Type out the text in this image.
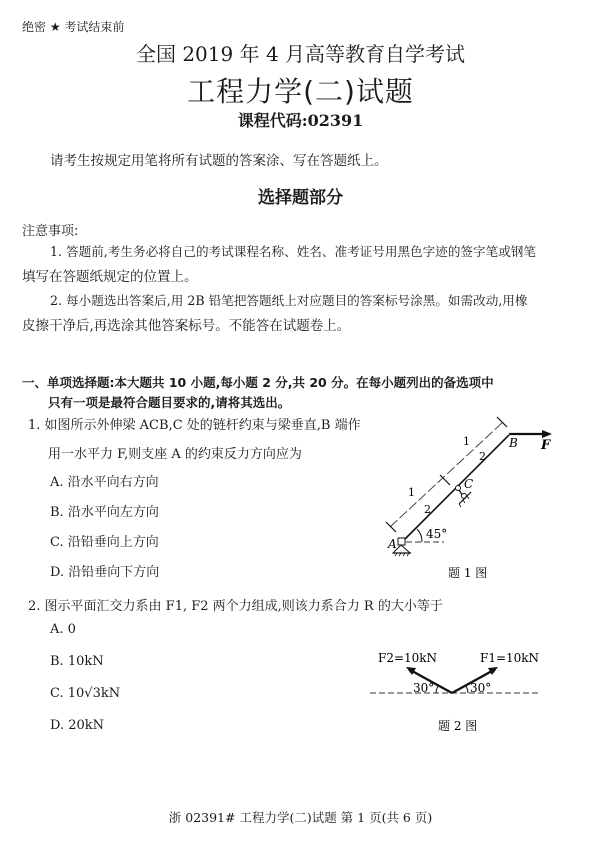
绝密 ★ 考试结束前
全国 2019 年 4 月高等教育自学考试
工程力学(二)试题
课程代码:02391
请考生按规定用笔将所有试题的答案涂、写在答题纸上。
选择题部分
注意事项:
1. 答题前,考生务必将自己的考试课程名称、姓名、准考证号用黑色字迹的签字笔或钢笔
填写在答题纸规定的位置上。
2. 每小题选出答案后,用 2B 铅笔把答题纸上对应题目的答案标号涂黑。如需改动,用橡
皮擦干净后,再选涂其他答案标号。不能答在试题卷上。
一、单项选择题:本大题共 10 小题,每小题 2 分,共 20 分。在每小题列出的备选项中
只有一项是最符合题目要求的,请将其选出。
1. 如图所示外伸梁 ACB,C 处的链杆约束与梁垂直,B 端作
用一水平力 F,则支座 A 的约束反力方向应为
A. 沿水平向右方向
B. 沿水平向左方向
C. 沿铅垂向上方向
D. 沿铅垂向下方向
1
2
1
2
C
A
45°
B F
题 1 图
2. 图示平面汇交力系由 F1, F2 两个力组成,则该力系合力 R 的大小等于
A. 0
B. 10kN
C. 10√3kN
D. 20kN
F2=10kN	F1=10kN
30°	30°
题 2 图
浙 02391# 工程力学(二)试题 第 1 页(共 6 页)
